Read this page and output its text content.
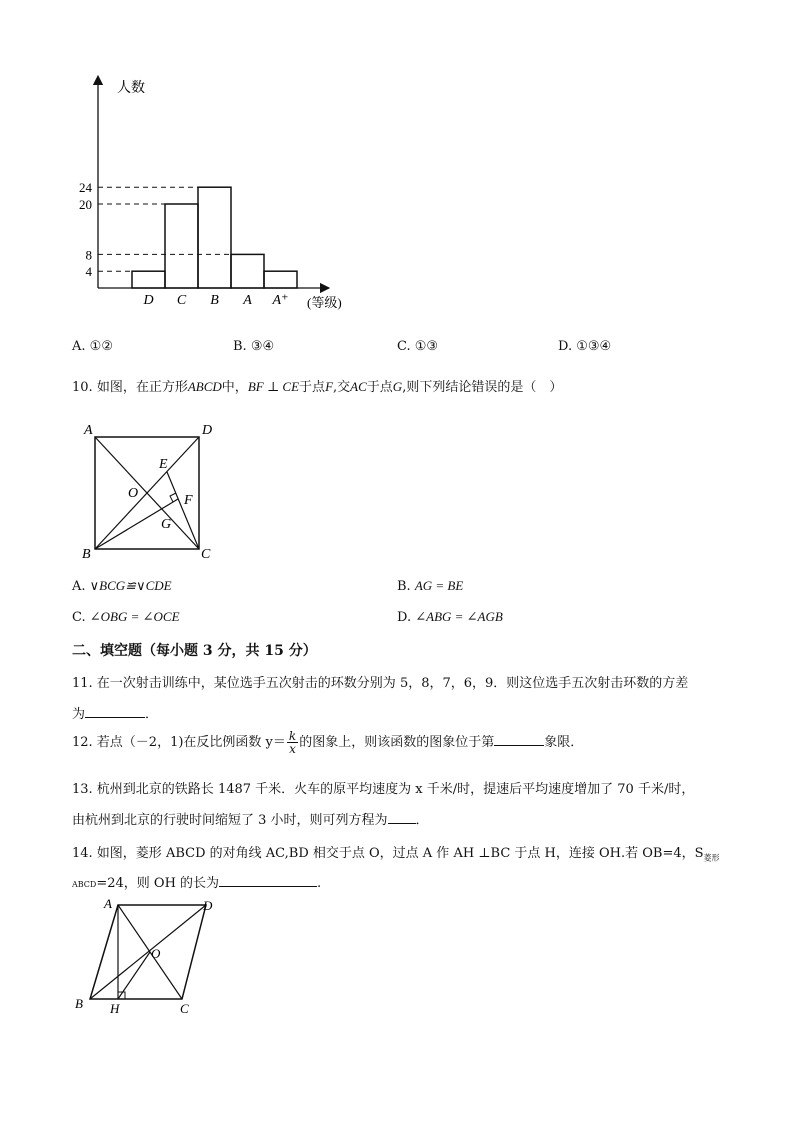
人数
(等级)
4
8
20
24
D C B A A⁺
A. ①②	B. ③④	C. ①③	D. ①③④
10. 如图，在正方形ABCD中，BF ⊥ CE于点F,交AC于点G,则下列结论错误的是（　）
A	D
B	C
E
O	F
G
A. ∨BCG≌∨CDE	B. AG = BE
C. ∠OBG = ∠OCE	D. ∠ABG = ∠AGB
二、填空题（每小题 3 分，共 15 分）
11. 在一次射击训练中，某位选手五次射击的环数分别为 5，8，7，6，9．则这位选手五次射击环数的方差
为	．
12. 若点（－2，1)在反比例函数 $y= \frac{k}{x}$ 的图象上，则该函数的图象位于第	象限．
13. 杭州到北京的铁路长 1487 千米．火车的原平均速度为 x 千米/时，提速后平均速度增加了 70 千米/时，
由杭州到北京的行驶时间缩短了 3 小时，则可列方程为 ．
14. 如图，菱形 ABCD 的对角线 AC,BD 相交于点 O，过点 A 作 AH ⊥BC 于点 H，连接 OH.若 OB=4，$S_{菱形}$
ABCD=24，则 OH 的长为	.
A	D
B H	C
O
